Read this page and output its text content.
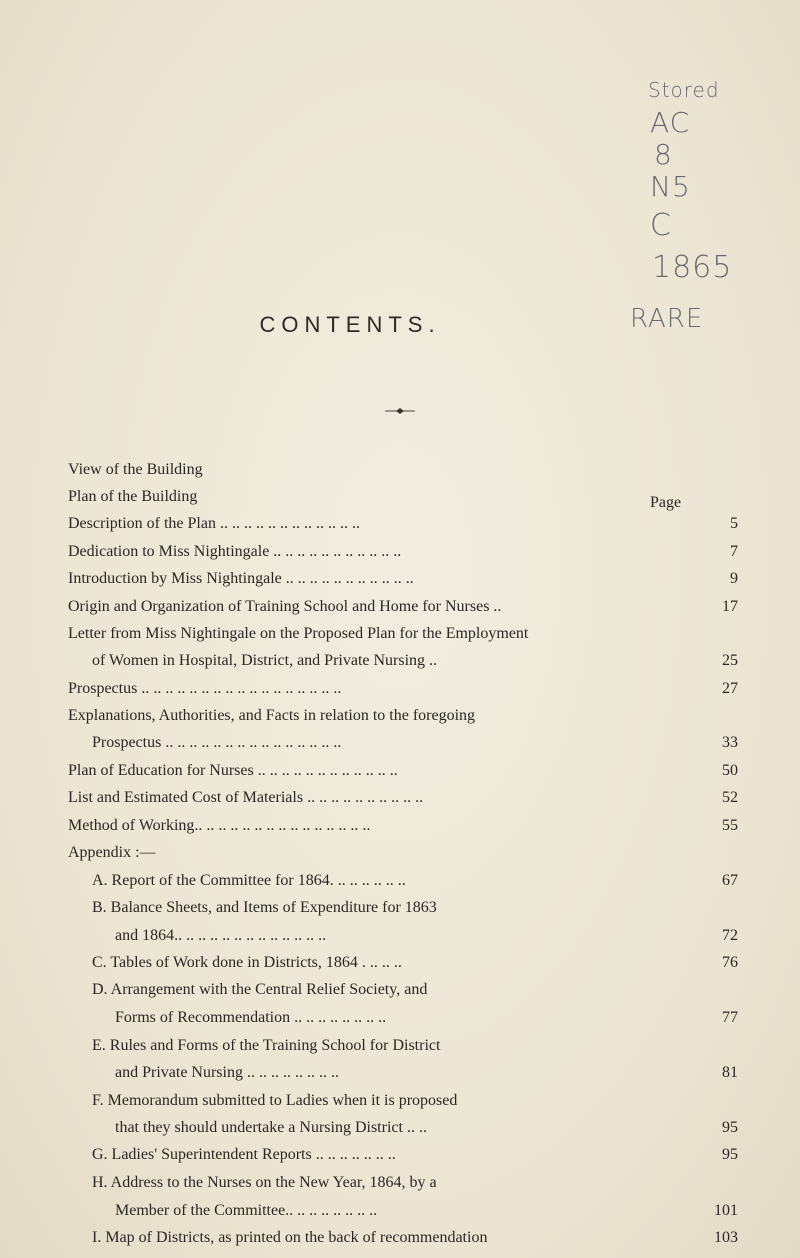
Stored
AC
8
N5
C
1865
RARE
CONTENTS.
Page
View of the Building
Plan of the Building
Description of the Plan .. .. .. .. .. .. .. .. .. .. .. ..	5
Dedication to Miss Nightingale .. .. .. .. .. .. .. .. .. .. ..	7
Introduction by Miss Nightingale .. .. .. .. .. .. .. .. .. .. ..	9
Origin and Organization of Training School and Home for Nurses ..	17
Letter from Miss Nightingale on the Proposed Plan for the Employment
of Women in Hospital, District, and Private Nursing ..	25
Prospectus .. .. .. .. .. .. .. .. .. .. .. .. .. .. .. .. ..	27
Explanations, Authorities, and Facts in relation to the foregoing
Prospectus .. .. .. .. .. .. .. .. .. .. .. .. .. .. ..	33
Plan of Education for Nurses .. .. .. .. .. .. .. .. .. .. .. ..	50
List and Estimated Cost of Materials .. .. .. .. .. .. .. .. .. ..	52
Method of Working.. .. .. .. .. .. .. .. .. .. .. .. .. .. ..	55
Appendix :—
A. Report of the Committee for 1864. .. .. .. .. .. ..	67
B. Balance Sheets, and Items of Expenditure for 1863
and 1864.. .. .. .. .. .. .. .. .. .. .. .. ..	72
C. Tables of Work done in Districts, 1864 . .. .. ..	76
D. Arrangement with the Central Relief Society, and
Forms of Recommendation .. .. .. .. .. .. .. ..	77
E. Rules and Forms of the Training School for District
and Private Nursing .. .. .. .. .. .. .. ..	81
F. Memorandum submitted to Ladies when it is proposed
that they should undertake a Nursing District .. ..	95
G. Ladies' Superintendent Reports .. .. .. .. .. .. ..	95
H. Address to the Nurses on the New Year, 1864, by a
Member of the Committee.. .. .. .. .. .. .. ..	101
I. Map of Districts, as printed on the back of recommendation	103
